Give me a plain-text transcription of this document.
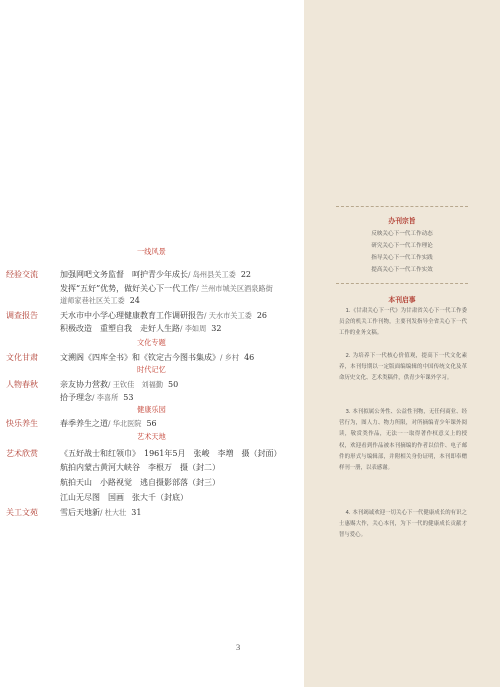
一线风景
经验交流	加强网吧文务监督　呵护青少年成长/ 岛州县关工委 22
发挥“五好”优势，做好关心下一代工作/ 兰州市城关区酒泉路街
道师家巷社区关工委 24
调查报告	天水市中小学心理健康教育工作调研报告/ 天水市关工委 26
积极改造　重塑自我　走好人生路/ 李如周 32
文化专题
文化甘肃	文溯阁《四库全书》和《钦定古今图书集成》/ 乡村 46
时代记忆
人物春秋	亲友协力营救/ 王钦佳　刘福勤 50
拾予理念/ 李喜所 53
健康乐园
快乐养生	春季养生之道/ 华北医院 56
艺术天地
艺术欣赏	《五好战士和红领巾》　1961年5月　张峻　李増　摄（封面）
航拍内蒙古黄河大峡谷　李根万　摄（封二）
航拍天山　小路视觉　逃自摄影部落（封三）
江山无尽图　国画　张大千（封底）
关工文苑	雪后天地新/ 杜大壮 31
3
办刊宗旨
反映关心下一代工作动态
研究关心下一代工作理论
指导关心下一代工作实践
提高关心下一代工作实效
本刊启事
1.《甘肃关心下一代》为甘肃省关心下一代工作委员会的机关工作刊物，主要刊发指导全省关心下一代工作的业务文稿。
2. 为培养下一代核心价值观，提高下一代文化素养，本刊每期以一定版面编编辑的中国传统文化及革命历史文化、艺术类稿件，供青少年课外学习。
3. 本刊拟属公务性、公益性刊物，无任何商业、经营行为，图人力、物力所限，对所摘编青少年课外阅读，敬赏类作品，无法一一取得著作权意义上的授权，欢迎看到作品被本刊摘编的作者以信件、电子邮件的形式与编辑部，并附相关身份证明，本刊即奉赠样刊一册，以表感谢。
4. 本刊竭诚欢迎一切关心下一代健康成长的有识之士惠赐大作，关心本刊，为下一代的健康成长贡献才智与爱心。
